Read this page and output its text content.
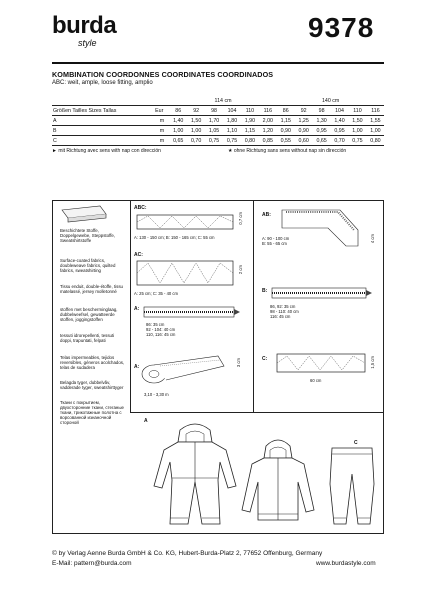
burda
style	9378
KOMBINATION COORDONNES COORDINATES COORDINADOS
ABC: weit, ample, loose fitting, amplio
		114 cm						140 cm					
Größen Tailles Sizes Tallas	Eur	86	92	98	104	110	116	86	92	98	104	110	116
A	m	1,40	1,50	1,70	1,80	1,90	2,00	1,15	1,25	1,30	1,40	1,50	1,55
B	m	1,00	1,00	1,05	1,10	1,15	1,20	0,90	0,90	0,95	0,95	1,00	1,00
C	m	0,65	0,70	0,75	0,75	0,80	0,85	0,55	0,60	0,65	0,70	0,75	0,80

► mit Richtung avec sens with nap con dirección	★ ohne Richtung sans sens without nap sin dirección
Beschichtete Stoffe, Doppelgewebe, Steppstoffe, Sweatshirtstoffe
Surface-coated fabrics, doubleweave fabrics, quilted fabrics, sweatshirting
Tissu enduit, double-étoffe, tissu matelassé, jersey molletonné
stoffen met bescherminglaag, dubbelweefsel, gewatteerde stoffen, joggingstoffen
tessuti idrorepellenti, tessuti doppi, trapuntati, felpati
Telas impermeables, tejidos reversibles, géneros acolchados, telas de sudadera
Belagda tyger, dubbelvåv, vadderade tyger, sweatshirttyger
Ткани с покрытием, двухсторонние ткани, стеганые ткани, трикотажные полотна с ворсованной изнаночной стороной
ABC:
0,7 cm
A: 130 - 150 cm; B: 150 - 165 cm; C: 55 cm
AC:
2 cm
A: 25 cm; C: 35 - 40 cm
A:
86: 35 cm
92 - 104: 40 cm
110, 116: 45 cm
A:	3 cm
3,10 - 3,30 m
AB:
4 cm
A: 90 - 100 cm
B: 55 - 65 cm
B:
86, 92: 35 cm
98 - 110: 40 cm
116: 45 cm
C:	1,5 cm
60 cm
A
C
© by Verlag Aenne Burda GmbH & Co. KG, Hubert-Burda-Platz 2, 77652 Offenburg, Germany
E-Mail: pattern@burda.com	www.burdastyle.com
